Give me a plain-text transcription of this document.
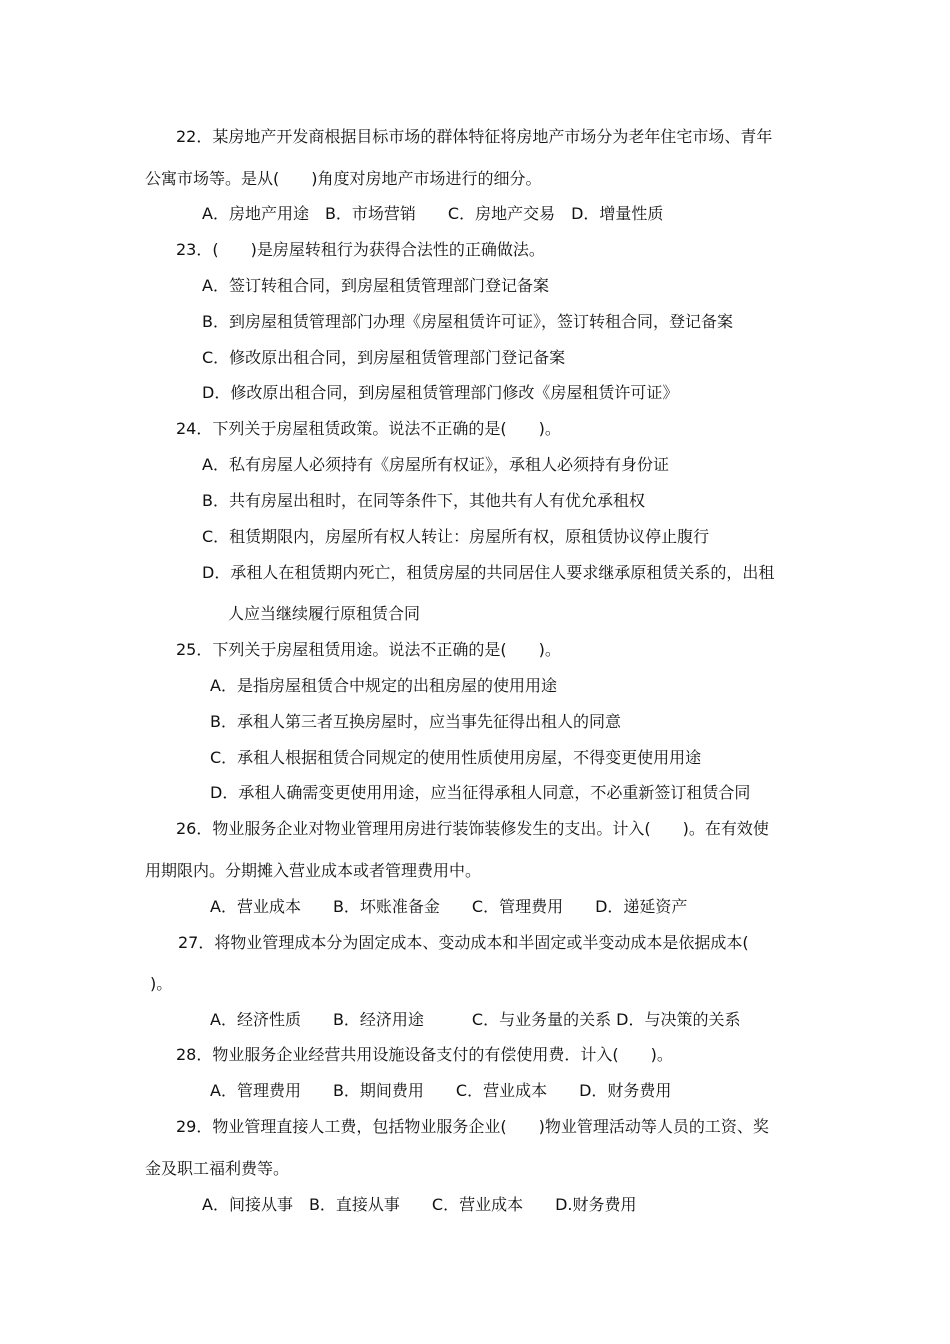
22．某房地产开发商根据目标市场的群体特征将房地产市场分为老年住宅市场、青年
公寓市场等。是从(　　)角度对房地产市场进行的细分。
A．房地产用途　B．市场营销　　C．房地产交易　D．增量性质
23．(　　)是房屋转租行为获得合法性的正确做法。
A．签订转租合同，到房屋租赁管理部门登记备案
B．到房屋租赁管理部门办理《房屋租赁许可证》，签订转租合同，登记备案
C．修改原出租合同，到房屋租赁管理部门登记备案
D．修改原出租合同，到房屋租赁管理部门修改《房屋租赁许可证》
24．下列关于房屋租赁政策。说法不正确的是(　　)。
A．私有房屋人必须持有《房屋所有权证》，承租人必须持有身份证
B．共有房屋出租时，在同等条件下，其他共有人有优允承租权
C．租赁期限内，房屋所有权人转让：房屋所有权，原租赁协议停止腹行
D．承租人在租赁期内死亡，租赁房屋的共同居住人要求继承原租赁关系的，出租
人应当继续履行原租赁合同
25．下列关于房屋租赁用途。说法不正确的是(　　)。
A．是指房屋租赁合中规定的出租房屋的使用用途
B．承租人第三者互换房屋时，应当事先征得出租人的同意
C．承租人根据租赁合同规定的使用性质使用房屋，不得变更使用用途
D．承租人确需变更使用用途，应当征得承租人同意，不必重新签订租赁合同
26．物业服务企业对物业管理用房进行装饰装修发生的支出。计入(　　)。在有效使
用期限内。分期摊入营业成本或者管理费用中。
A．营业成本　　B．坏账准备金　　C．管理费用　　D．递延资产
27．将物业管理成本分为固定成本、变动成本和半固定或半变动成本是依据成本(
)。
A．经济性质　　B．经济用途　　　C．与业务量的关系 D．与决策的关系
28．物业服务企业经营共用设施设备支付的有偿使用费．计入(　　)。
A．管理费用　　B．期间费用　　C．营业成本　　D．财务费用
29．物业管理直接人工费，包括物业服务企业(　　)物业管理活动等人员的工资、奖
金及职工福利费等。
A．间接从事　B．直接从事　　C．营业成本　　D.财务费用
